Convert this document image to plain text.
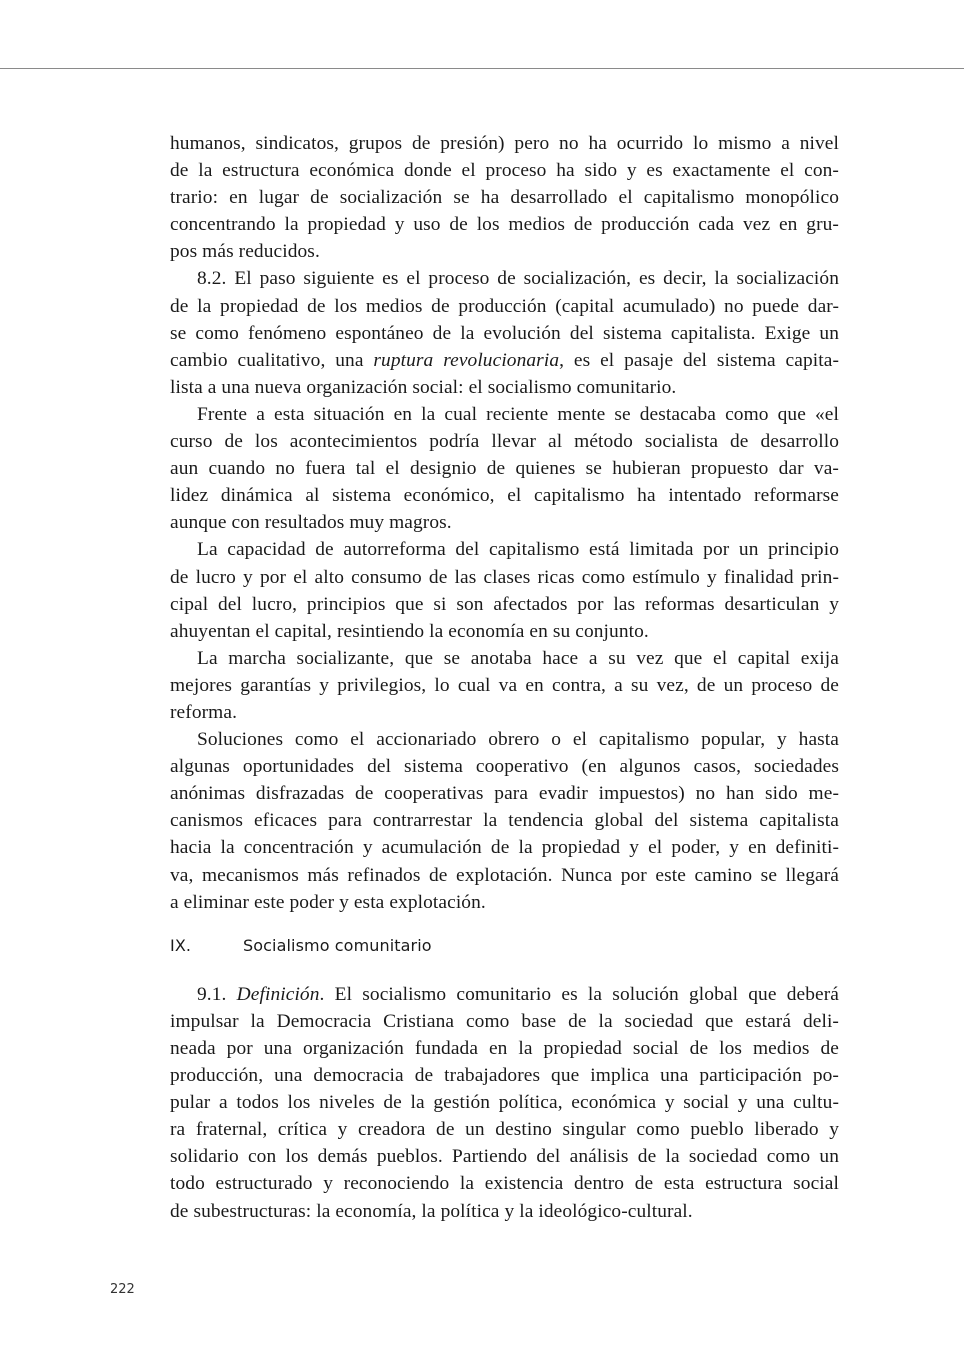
humanos, sindicatos, grupos de presión) pero no ha ocurrido lo mismo a nivel
de la estructura económica donde el proceso ha sido y es exactamente el con-
trario: en lugar de socialización se ha desarrollado el capitalismo monopólico
concentrando la propiedad y uso de los medios de producción cada vez en gru-
pos más reducidos.
8.2. El paso siguiente es el proceso de socialización, es decir, la socialización
de la propiedad de los medios de producción (capital acumulado) no puede dar-
se como fenómeno espontáneo de la evolución del sistema capitalista. Exige un
cambio cualitativo, una ruptura revolucionaria, es el pasaje del sistema capita-
lista a una nueva organización social: el socialismo comunitario.
Frente a esta situación en la cual reciente mente se destacaba como que «el
curso de los acontecimientos podría llevar al método socialista de desarrollo
aun cuando no fuera tal el designio de quienes se hubieran propuesto dar va-
lidez dinámica al sistema económico, el capitalismo ha intentado reformarse
aunque con resultados muy magros.
La capacidad de autorreforma del capitalismo está limitada por un principio
de lucro y por el alto consumo de las clases ricas como estímulo y finalidad prin-
cipal del lucro, principios que si son afectados por las reformas desarticulan y
ahuyentan el capital, resintiendo la economía en su conjunto.
La marcha socializante, que se anotaba hace a su vez que el capital exija
mejores garantías y privilegios, lo cual va en contra, a su vez, de un proceso de
reforma.
Soluciones como el accionariado obrero o el capitalismo popular, y hasta
algunas oportunidades del sistema cooperativo (en algunos casos, sociedades
anónimas disfrazadas de cooperativas para evadir impuestos) no han sido me-
canismos eficaces para contrarrestar la tendencia global del sistema capitalista
hacia la concentración y acumulación de la propiedad y el poder, y en definiti-
va, mecanismos más refinados de explotación. Nunca por este camino se llegará
a eliminar este poder y esta explotación.
IX.	Socialismo comunitario
9.1. Definición. El socialismo comunitario es la solución global que deberá
impulsar la Democracia Cristiana como base de la sociedad que estará deli-
neada por una organización fundada en la propiedad social de los medios de
producción, una democracia de trabajadores que implica una participación po-
pular a todos los niveles de la gestión política, económica y social y una cultu-
ra fraternal, crítica y creadora de un destino singular como pueblo liberado y
solidario con los demás pueblos. Partiendo del análisis de la sociedad como un
todo estructurado y reconociendo la existencia dentro de esta estructura social
de subestructuras: la economía, la política y la ideológico-cultural.
222
